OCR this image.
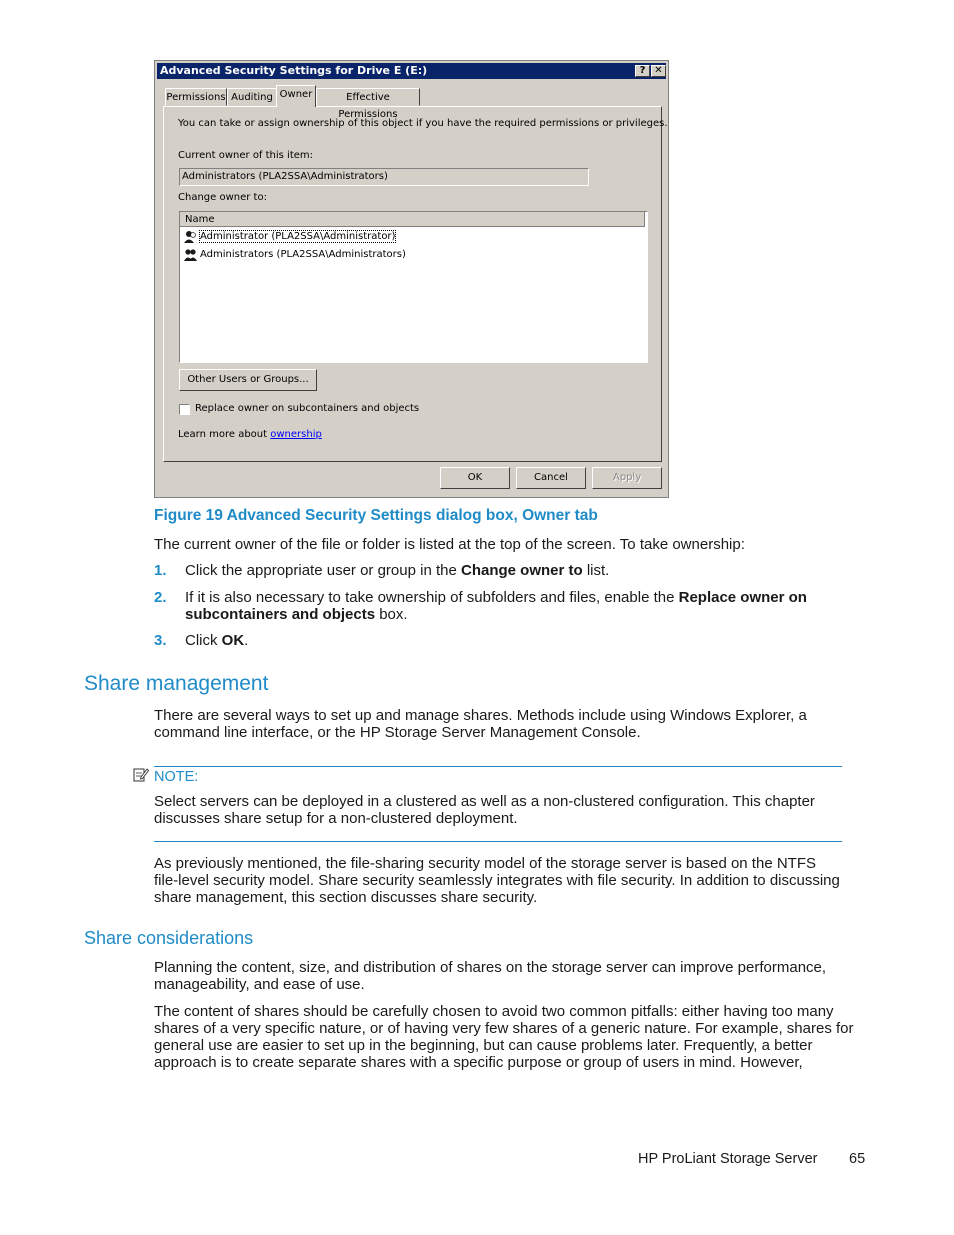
Advanced Security Settings for Drive E (E:)	? ✕
Permissions Auditing Owner	Effective Permissions
You can take or assign ownership of this object if you have the required permissions or privileges.
Current owner of this item:
Administrators (PLA2SSA\Administrators)
Change owner to:
Name
Administrator (PLA2SSA\Administrator)
Administrators (PLA2SSA\Administrators)
Other Users or Groups...
Replace owner on subcontainers and objects
Learn more about ownership
OK	Cancel	Apply
Figure 19 Advanced Security Settings dialog box, Owner tab
The current owner of the file or folder is listed at the top of the screen. To take ownership:
1. Click the appropriate user or group in the Change owner to list.
2. If it is also necessary to take ownership of subfolders and files, enable the Replace owner on
subcontainers and objects box.
3. Click OK.
Share management
There are several ways to set up and manage shares. Methods include using Windows Explorer, a
command line interface, or the HP Storage Server Management Console.
NOTE:
Select servers can be deployed in a clustered as well as a non-clustered configuration. This chapter
discusses share setup for a non-clustered deployment.
As previously mentioned, the file-sharing security model of the storage server is based on the NTFS
file-level security model. Share security seamlessly integrates with file security. In addition to discussing
share management, this section discusses share security.
Share considerations
Planning the content, size, and distribution of shares on the storage server can improve performance,
manageability, and ease of use.
The content of shares should be carefully chosen to avoid two common pitfalls: either having too many
shares of a very specific nature, or of having very few shares of a generic nature. For example, shares for
general use are easier to set up in the beginning, but can cause problems later. Frequently, a better
approach is to create separate shares with a specific purpose or group of users in mind. However,
HP ProLiant Storage Server 65
